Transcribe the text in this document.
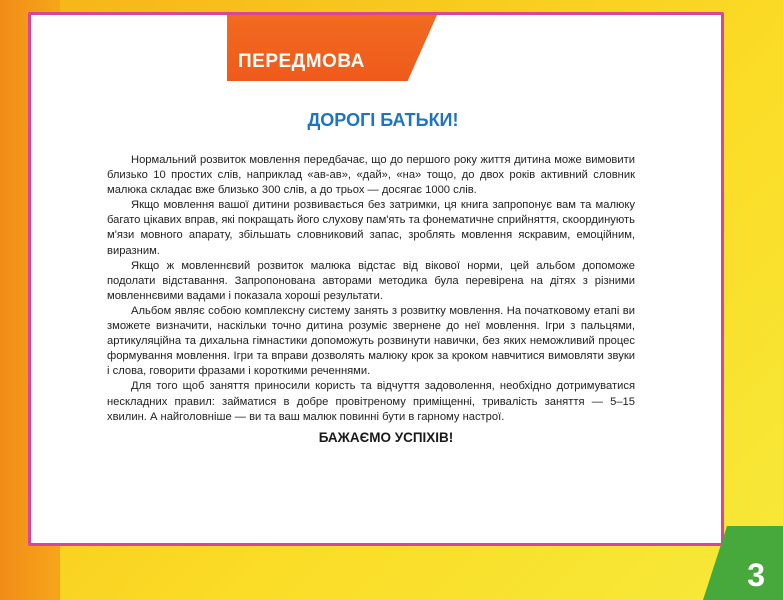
ПЕРЕДМОВА
ДОРОГІ БАТЬКИ!

Нормальний розвиток мовлення передбачає, що до першого року життя дитина може вимовити близько 10 простих слів, наприклад «ав-ав», «дай», «на» тощо, до двох років активний словник малюка складає вже близько 300 слів, а до трьох — досягає 1000 слів.

Якщо мовлення вашої дитини розвивається без затримки, ця книга запропонує вам та малюку багато цікавих вправ, які покращать його слухову пам'ять та фонематичне сприйняття, скоординують м'язи мовного апарату, збільшать словниковий запас, зроблять мовлення яскравим, емоційним, виразним.

Якщо ж мовленнєвий розвиток малюка відстає від вікової норми, цей альбом допоможе подолати відставання. Запропонована авторами методика була перевірена на дітях з різними мовленнєвими вадами і показала хороші результати.

Альбом являє собою комплексну систему занять з розвитку мовлення. На початковому етапі ви зможете визначити, наскільки точно дитина розуміє звернене до неї мовлення. Ігри з пальцями, артикуляційна та дихальна гімнастики допоможуть розвинути навички, без яких неможливий процес формування мовлення. Ігри та вправи дозволять малюку крок за кроком навчитися вимовляти звуки і слова, говорити фразами і короткими реченнями.

Для того щоб заняття приносили користь та відчуття задоволення, необхідно дотримуватися нескладних правил: займатися в добре провітреному приміщенні, тривалість заняття — 5–15 хвилин. А найголовніше — ви та ваш малюк повинні бути в гарному настрої.

БАЖАЄМО УСПІХІВ!
3
